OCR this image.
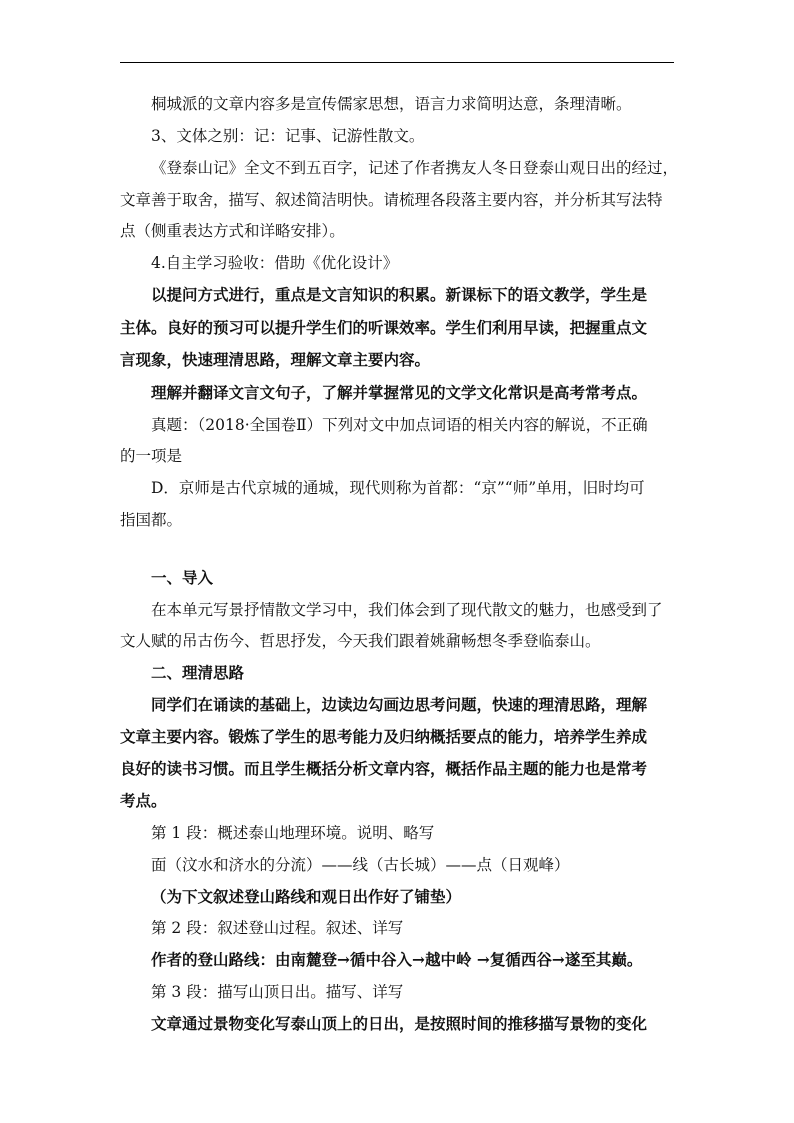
桐城派的文章内容多是宣传儒家思想，语言力求简明达意，条理清晰。
3、文体之别：记：记事、记游性散文。
《登泰山记》全文不到五百字，记述了作者携友人冬日登泰山观日出的经过，
文章善于取舍，描写、叙述简洁明快。请梳理各段落主要内容，并分析其写法特
点（侧重表达方式和详略安排）。
4.自主学习验收：借助《优化设计》
以提问方式进行，重点是文言知识的积累。新课标下的语文教学，学生是
主体。良好的预习可以提升学生们的听课效率。学生们利用早读，把握重点文
言现象，快速理清思路，理解文章主要内容。
理解并翻译文言文句子，了解并掌握常见的文学文化常识是高考常考点。
真题：（2018·全国卷Ⅱ）下列对文中加点词语的相关内容的解说，不正确
的一项是
D．京师是古代京城的通城，现代则称为首都：“京”“师”单用，旧时均可
指国都。
一、导入
在本单元写景抒情散文学习中，我们体会到了现代散文的魅力，也感受到了
文人赋的吊古伤今、哲思抒发，今天我们跟着姚鼐畅想冬季登临泰山。
二、理清思路
同学们在诵读的基础上，边读边勾画边思考问题，快速的理清思路，理解
文章主要内容。锻炼了学生的思考能力及归纳概括要点的能力，培养学生养成
良好的读书习惯。而且学生概括分析文章内容，概括作品主题的能力也是常考
考点。
第 1 段：概述泰山地理环境。说明、略写
面（汶水和济水的分流）——线（古长城）——点（日观峰）
（为下文叙述登山路线和观日出作好了铺垫）
第 2 段：叙述登山过程。叙述、详写
作者的登山路线：由南麓登→循中谷入→越中岭 →复循西谷→遂至其巅。
第 3 段：描写山顶日出。描写、详写
文章通过景物变化写泰山顶上的日出，是按照时间的推移描写景物的变化
